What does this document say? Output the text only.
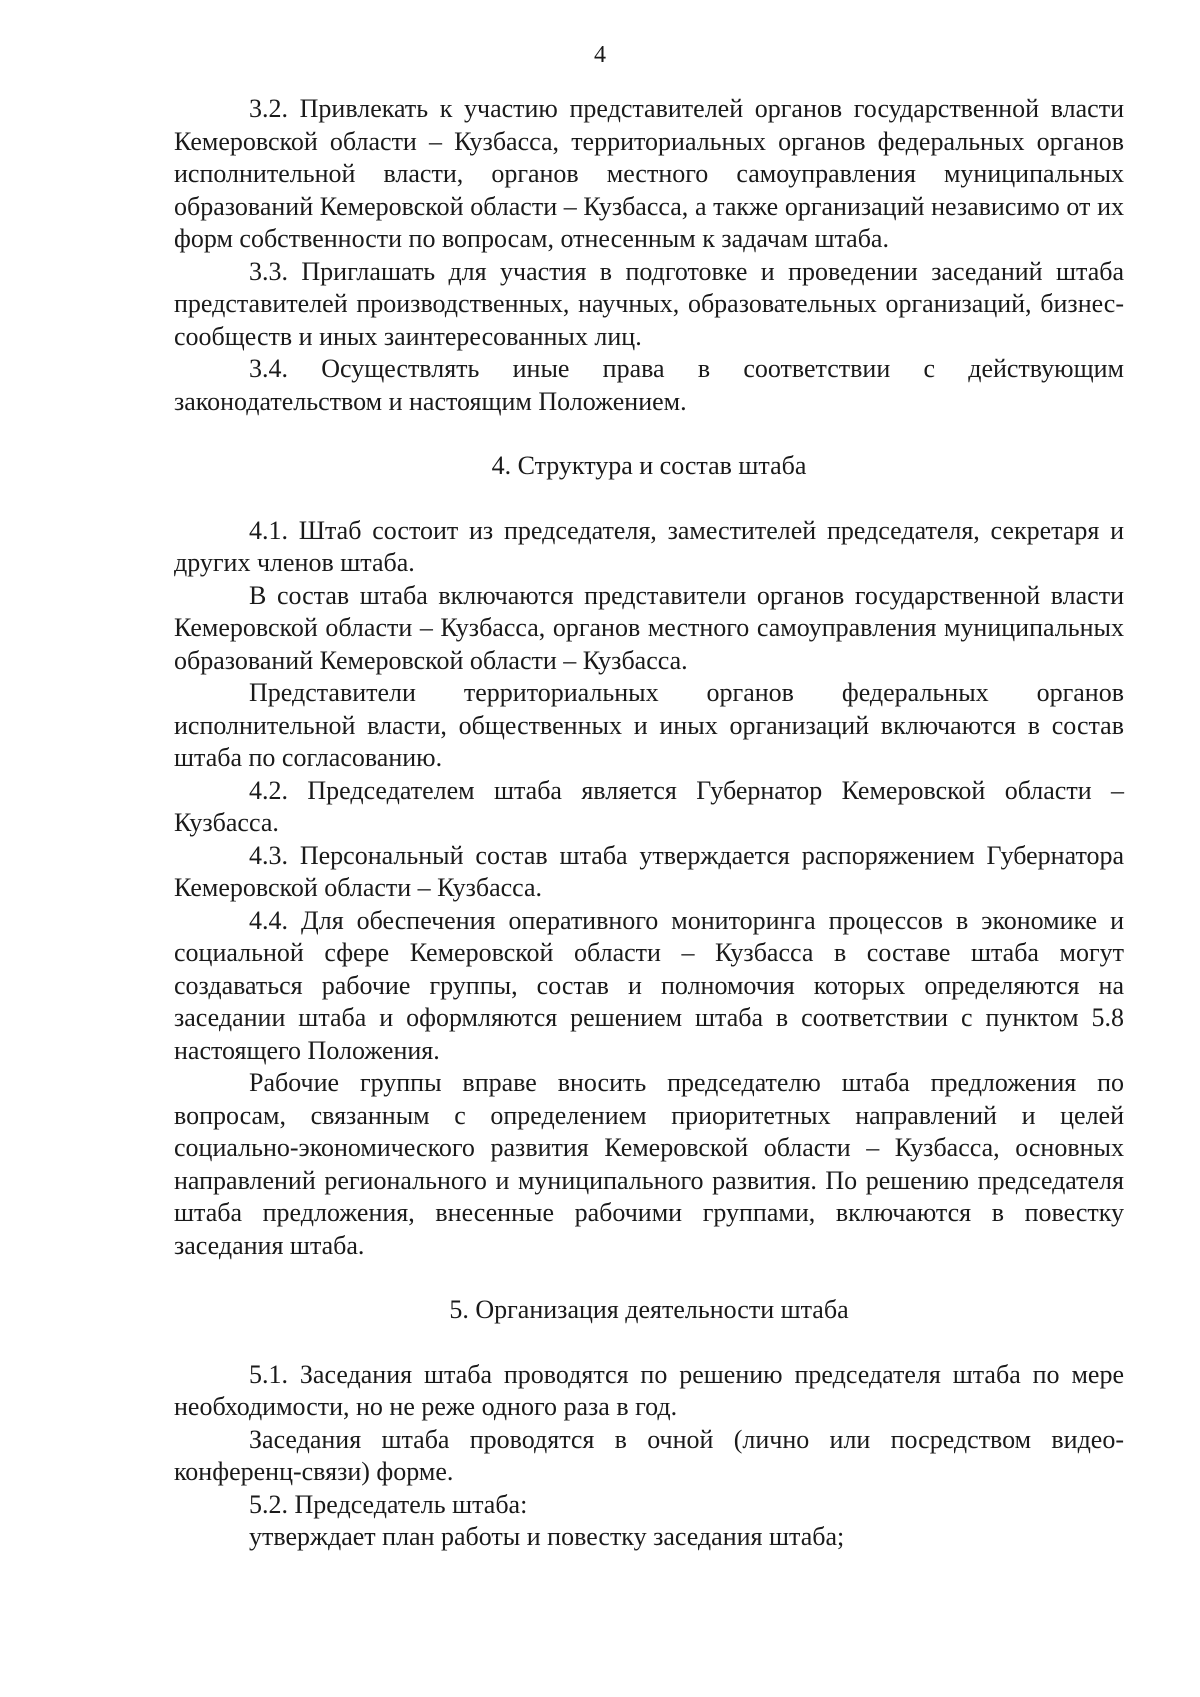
4

3.2. Привлекать к участию представителей органов государственной власти Кемеровской области – Кузбасса, территориальных органов федеральных органов исполнительной власти, органов местного самоуправления муниципальных образований Кемеровской области – Кузбасса, а также организаций независимо от их форм собственности по вопросам, отнесенным к задачам штаба.

3.3. Приглашать для участия в подготовке и проведении заседаний штаба представителей производственных, научных, образовательных организаций, бизнес-сообществ и иных заинтересованных лиц.

3.4. Осуществлять иные права в соответствии с действующим законодательством и настоящим Положением.

4. Структура и состав штаба

4.1. Штаб состоит из председателя, заместителей председателя, секретаря и других членов штаба.

В состав штаба включаются представители органов государственной власти Кемеровской области – Кузбасса, органов местного самоуправления муниципальных образований Кемеровской области – Кузбасса.

Представители территориальных органов федеральных органов исполнительной власти, общественных и иных организаций включаются в состав штаба по согласованию.

4.2. Председателем штаба является Губернатор Кемеровской области – Кузбасса.

4.3. Персональный состав штаба утверждается распоряжением Губернатора Кемеровской области – Кузбасса.

4.4. Для обеспечения оперативного мониторинга процессов в экономике и социальной сфере Кемеровской области – Кузбасса в составе штаба могут создаваться рабочие группы, состав и полномочия которых определяются на заседании штаба и оформляются решением штаба в соответствии с пунктом 5.8 настоящего Положения.

Рабочие группы вправе вносить председателю штаба предложения по вопросам, связанным с определением приоритетных направлений и целей социально-экономического развития Кемеровской области – Кузбасса, основных направлений регионального и муниципального развития. По решению председателя штаба предложения, внесенные рабочими группами, включаются в повестку заседания штаба.

5. Организация деятельности штаба

5.1. Заседания штаба проводятся по решению председателя штаба по мере необходимости, но не реже одного раза в год.

Заседания штаба проводятся в очной (лично или посредством видео-конференц-связи) форме.

5.2. Председатель штаба:

утверждает план работы и повестку заседания штаба;
